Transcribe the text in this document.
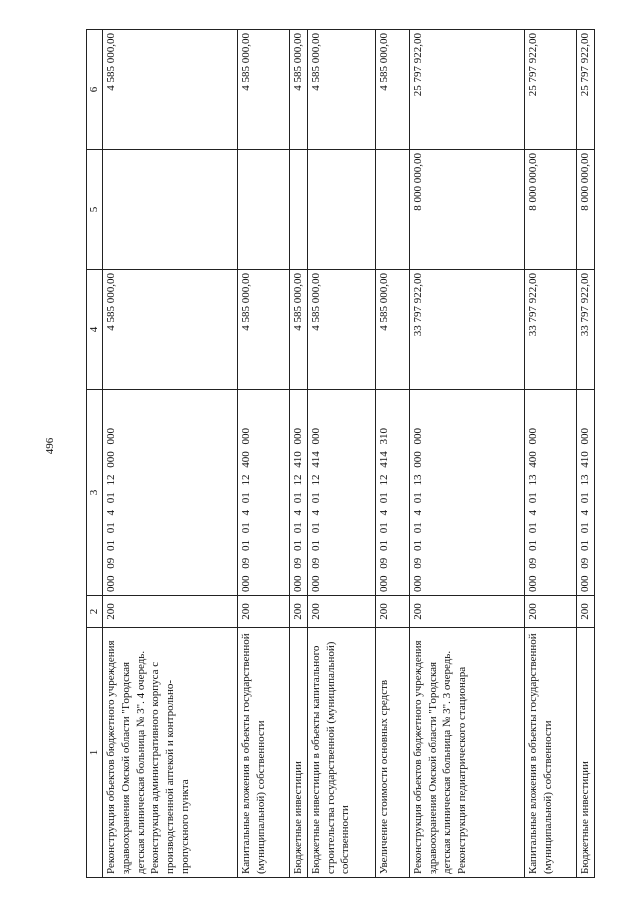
496
1	2	3	4	5	6
Реконструкция объектов бюджетного учреждения здравоохранения Омской области "Городская детская клиническая больница № 3". 4 очередь. Реконструкция административного корпуса с производственной аптекой и контрольно-пропускного пункта	200	000 09 01 01 4 01 12 000 000	4 585 000,00		4 585 000,00
Капитальные вложения в объекты государственной (муниципальной) собственности	200	000 09 01 01 4 01 12 400 000	4 585 000,00		4 585 000,00
Бюджетные инвестиции	200	000 09 01 01 4 01 12 410 000	4 585 000,00		4 585 000,00
Бюджетные инвестиции в объекты капитального строительства государственной (муниципальной) собственности	200	000 09 01 01 4 01 12 414 000	4 585 000,00		4 585 000,00
Увеличение стоимости основных средств	200	000 09 01 01 4 01 12 414 310	4 585 000,00		4 585 000,00
Реконструкция объектов бюджетного учреждения здравоохранения Омской области "Городская детская клиническая больница № 3". 3 очередь. Реконструкция педиатрического стационара	200	000 09 01 01 4 01 13 000 000	33 797 922,00	8 000 000,00	25 797 922,00
Капитальные вложения в объекты государственной (муниципальной) собственности	200	000 09 01 01 4 01 13 400 000	33 797 922,00	8 000 000,00	25 797 922,00
Бюджетные инвестиции	200	000 09 01 01 4 01 13 410 000	33 797 922,00	8 000 000,00	25 797 922,00
